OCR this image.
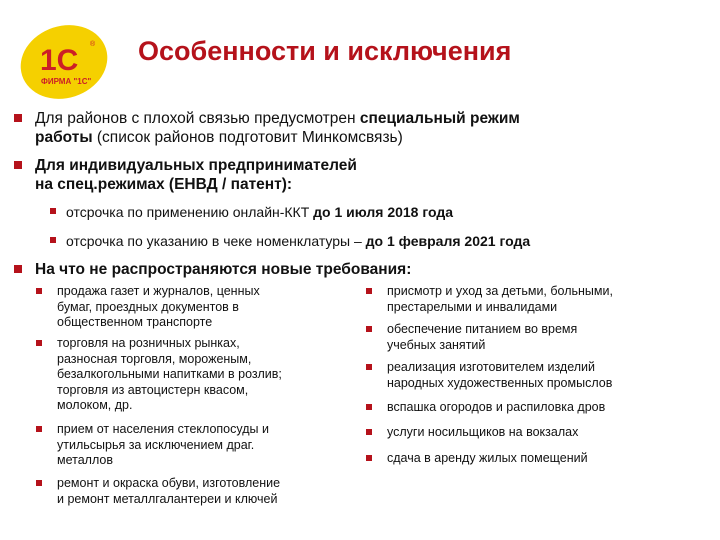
1C
ФИРМА "1С"
® Особенности и исключения
Для районов с плохой связью предусмотрен специальный режим
работы (список районов подготовит Минкомсвязь)
Для индивидуальных предпринимателей
на спец.режимах (ЕНВД / патент):
отсрочка по применению онлайн-ККТ до 1 июля 2018 года
отсрочка по указанию в чеке номенклатуры – до 1 февраля 2021 года
На что не распространяются новые требования:
продажа газет и журналов, ценных
бумаг, проездных документов в
общественном транспорте
торговля на розничных рынках,
разносная торговля, мороженым,
безалкогольными напитками в розлив;
торговля из автоцистерн квасом,
молоком, др.
прием от населения стеклопосуды и
утильсырья за исключением драг.
металлов
ремонт и окраска обуви, изготовление
и ремонт металлгалантереи и ключей
присмотр и уход за детьми, больными,
престарелыми и инвалидами
обеспечение питанием во время
учебных занятий
реализация изготовителем изделий
народных художественных промыслов
вспашка огородов и распиловка дров
услуги носильщиков на вокзалах
сдача в аренду жилых помещений
